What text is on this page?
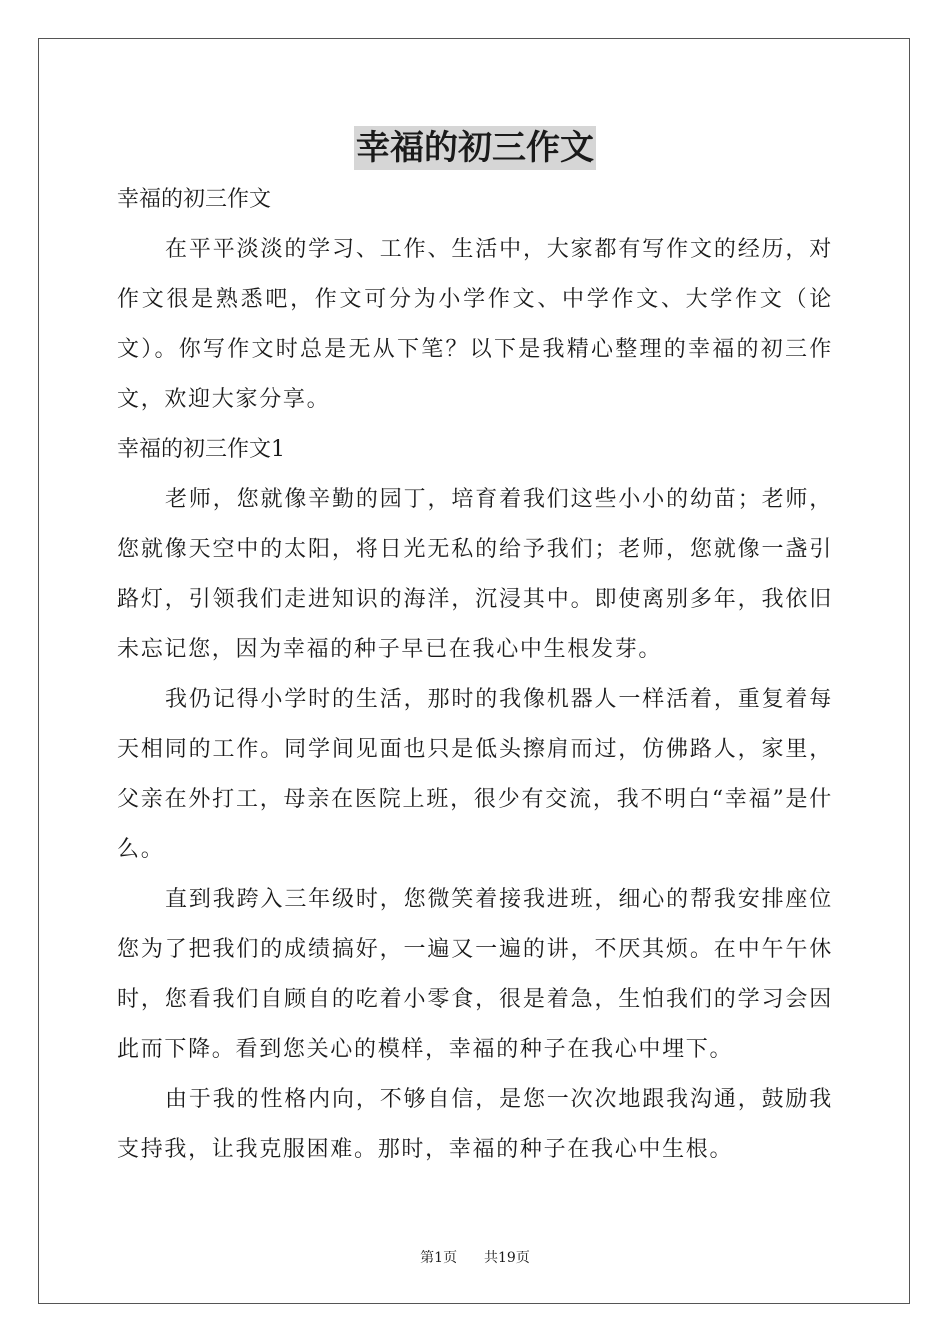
幸福的初三作文

幸福的初三作文

在平平淡淡的学习、工作、生活中，大家都有写作文的经历，对作文很是熟悉吧，作文可分为小学作文、中学作文、大学作文（论文）。你写作文时总是无从下笔？以下是我精心整理的幸福的初三作文，欢迎大家分享。

幸福的初三作文1

老师，您就像辛勤的园丁，培育着我们这些小小的幼苗；老师，您就像天空中的太阳，将日光无私的给予我们；老师，您就像一盏引路灯，引领我们走进知识的海洋，沉浸其中。即使离别多年，我依旧未忘记您，因为幸福的种子早已在我心中生根发芽。

我仍记得小学时的生活，那时的我像机器人一样活着，重复着每天相同的工作。同学间见面也只是低头擦肩而过，仿佛路人，家里，父亲在外打工，母亲在医院上班，很少有交流，我不明白“幸福”是什么。

直到我跨入三年级时，您微笑着接我进班，细心的帮我安排座位您为了把我们的成绩搞好，一遍又一遍的讲，不厌其烦。在中午午休时，您看我们自顾自的吃着小零食，很是着急，生怕我们的学习会因此而下降。看到您关心的模样，幸福的种子在我心中埋下。

由于我的性格内向，不够自信，是您一次次地跟我沟通，鼓励我支持我，让我克服困难。那时，幸福的种子在我心中生根。

第1页 共19页
